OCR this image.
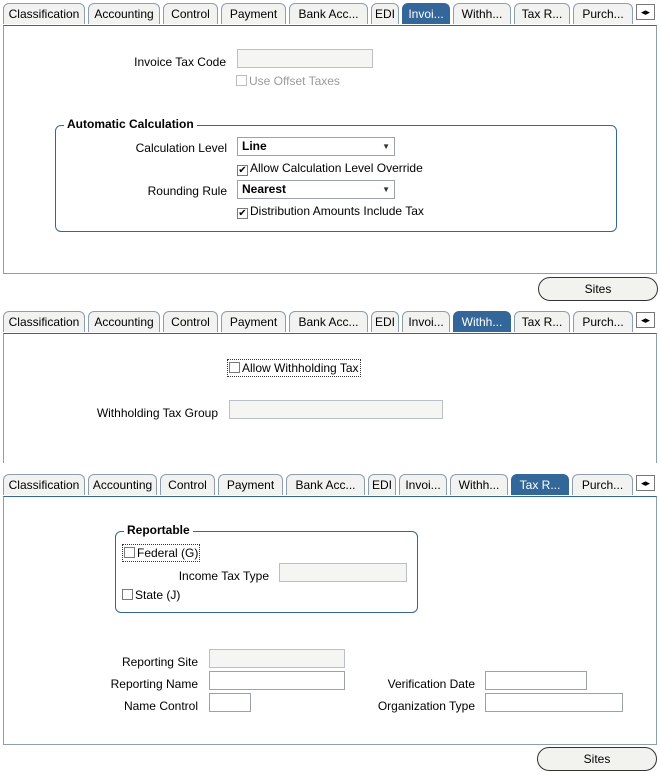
Classification	Accounting	Control	Payment	Bank Acc...	EDI	Invoi...	Withh...	Tax R...	Purch...	◂▸
Invoice Tax Code
Use Offset Taxes
Automatic Calculation
Calculation Level	Line	▼
✔ Allow Calculation Level Override
Rounding Rule	Nearest	▼
✔ Distribution Amounts Include Tax
Sites
Classification	Accounting	Control	Payment	Bank Acc...	EDI	Invoi...	Withh...	Tax R...	Purch...	◂▸
Allow Withholding Tax
Withholding Tax Group
Classification	Accounting	Control	Payment	Bank Acc...	EDI	Invoi...	Withh...	Tax R...	Purch...	◂▸
Reportable
Federal (G)
Income Tax Type
State (J)
Reporting Site
Reporting Name
Name Control
Verification Date
Organization Type
Sites
